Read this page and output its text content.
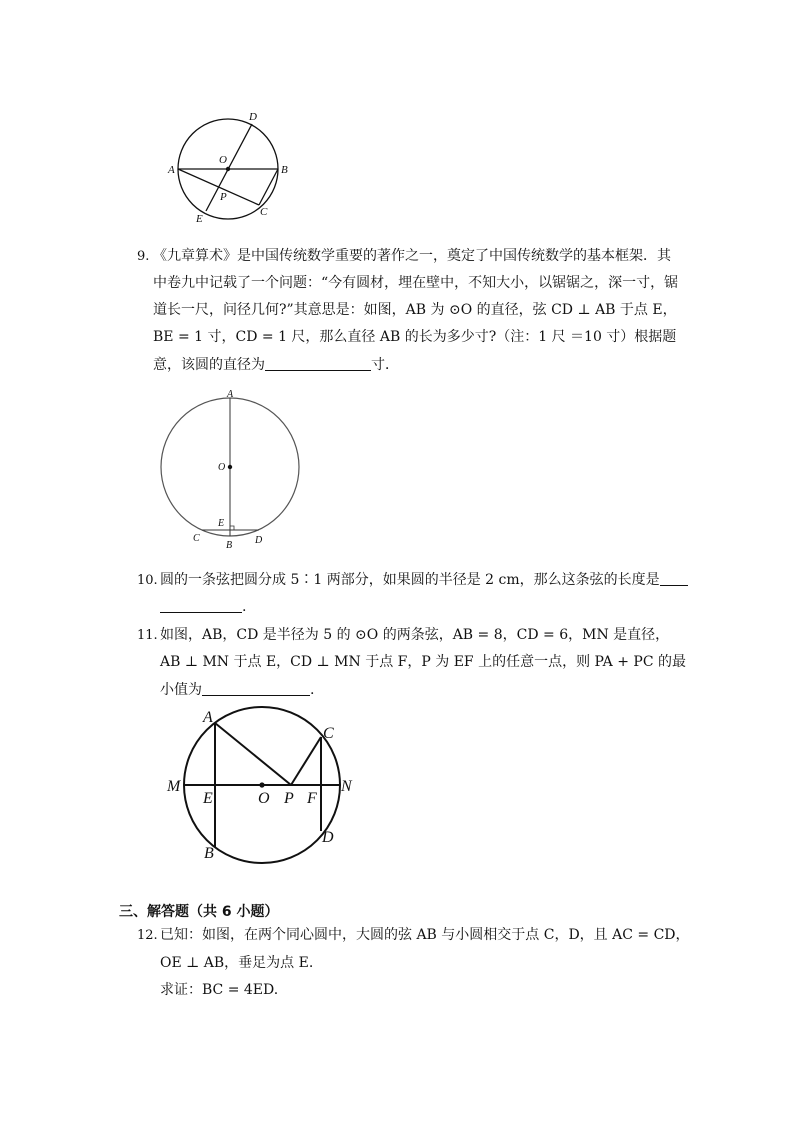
D
A
O
B
P
E
C
9. 《九章算术》是中国传统数学重要的著作之一，奠定了中国传统数学的基本框架．其
中卷九中记载了一个问题：“今有圆材，埋在壁中，不知大小，以锯锯之，深一寸，锯
道长一尺，问径几何?”其意思是：如图，AB 为 ⊙O 的直径，弦 CD ⊥ AB 于点 E，
BE = 1 寸，CD = 1 尺，那么直径 AB 的长为多少寸?（注：1 尺 ＝10 寸）根据题
意，该圆的直径为	寸．
A
O
E
C
B D
10. 圆的一条弦把圆分成 5∶1 两部分，如果圆的半径是 2 cm，那么这条弦的长度是
.
11. 如图，AB，CD 是半径为 5 的 ⊙O 的两条弦，AB = 8，CD = 6，MN 是直径，
AB ⊥ MN 于点 E，CD ⊥ MN 于点 F，P 为 EF 上的任意一点，则 PA + PC 的最
小值为	.
A
C
M
E	O P F
N
B
D
三、解答题（共 6 小题）
12. 已知：如图，在两个同心圆中，大圆的弦 AB 与小圆相交于点 C，D，且 AC = CD，
OE ⊥ AB，垂足为点 E.
求证：BC = 4ED.
